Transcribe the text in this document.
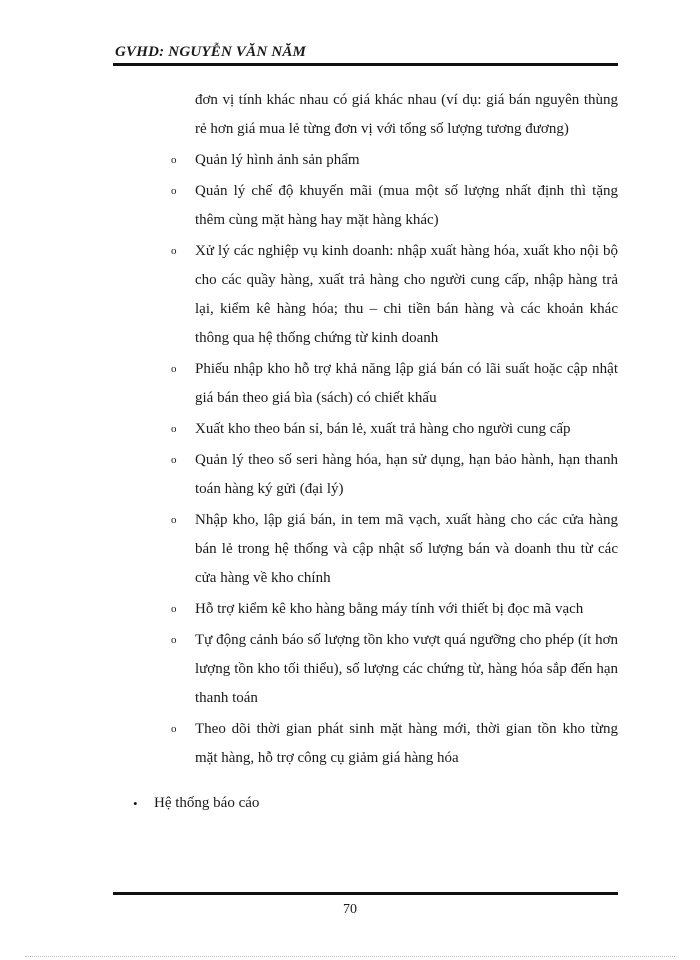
GVHD: NGUYỄN VĂN NĂM
đơn vị tính khác nhau có giá khác nhau (ví dụ: giá bán nguyên thùng rẻ hơn giá mua lẻ từng đơn vị với tổng số lượng tương đương)
o Quản lý hình ảnh sản phẩm
o Quản lý chế độ khuyến mãi (mua một số lượng nhất định thì tặng thêm cùng mặt hàng hay mặt hàng khác)
o Xử lý các nghiệp vụ kinh doanh: nhập xuất hàng hóa, xuất kho nội bộ cho các quầy hàng, xuất trả hàng cho người cung cấp, nhập hàng trả lại, kiểm kê hàng hóa; thu – chi tiền bán hàng và các khoản khác thông qua hệ thống chứng từ kinh doanh
o Phiếu nhập kho hỗ trợ khả năng lập giá bán có lãi suất hoặc cập nhật giá bán theo giá bìa (sách) có chiết khấu
o Xuất kho theo bán sỉ, bán lẻ, xuất trả hàng cho người cung cấp
o Quản lý theo số seri hàng hóa, hạn sử dụng, hạn bảo hành, hạn thanh toán hàng ký gửi (đại lý)
o Nhập kho, lập giá bán, in tem mã vạch, xuất hàng cho các cửa hàng bán lẻ trong hệ thống và cập nhật số lượng bán và doanh thu từ các cửa hàng về kho chính
o Hỗ trợ kiểm kê kho hàng bằng máy tính với thiết bị đọc mã vạch
o Tự động cảnh báo số lượng tồn kho vượt quá ngưỡng cho phép (ít hơn lượng tồn kho tối thiểu), số lượng các chứng từ, hàng hóa sắp đến hạn thanh toán
o Theo dõi thời gian phát sinh mặt hàng mới, thời gian tồn kho từng mặt hàng, hỗ trợ công cụ giảm giá hàng hóa
• Hệ thống báo cáo
70
